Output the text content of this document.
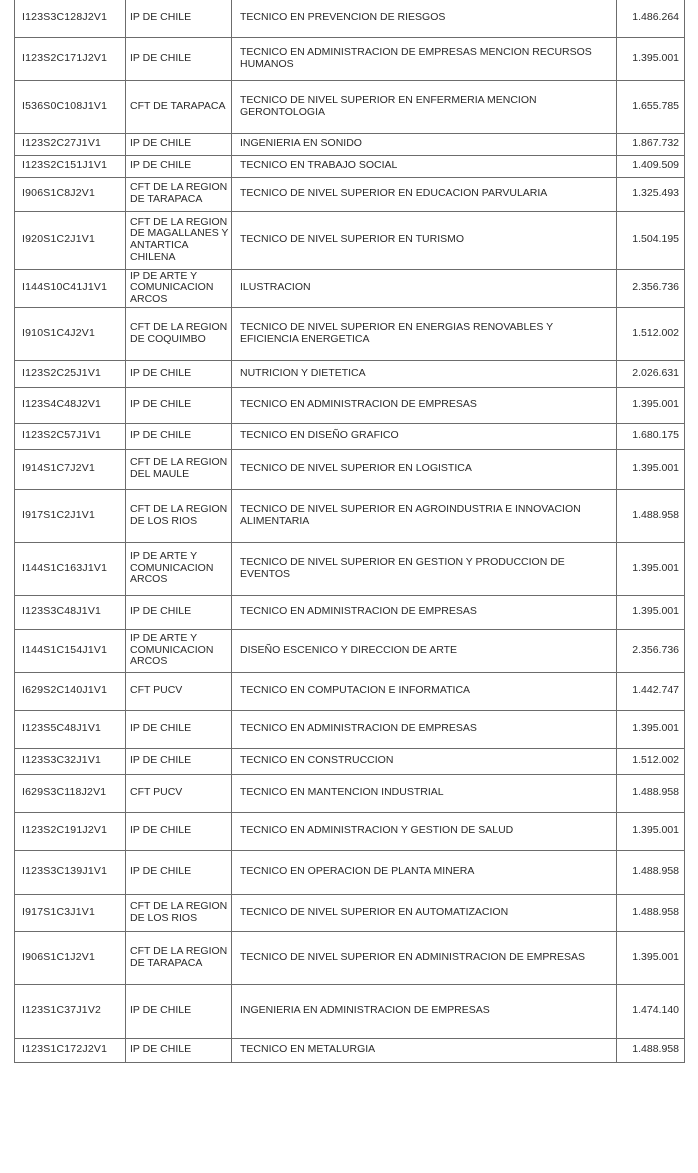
I123S3C128J2V1	IP DE CHILE	TECNICO EN PREVENCION DE RIESGOS	1.486.264
I123S2C171J2V1	IP DE CHILE	TECNICO EN ADMINISTRACION DE EMPRESAS MENCION RECURSOS HUMANOS	1.395.001
I536S0C108J1V1	CFT DE TARAPACA	TECNICO DE NIVEL SUPERIOR EN ENFERMERIA MENCION GERONTOLOGIA	1.655.785
I123S2C27J1V1	IP DE CHILE	INGENIERIA EN SONIDO	1.867.732
I123S2C151J1V1	IP DE CHILE	TECNICO EN TRABAJO SOCIAL	1.409.509
I906S1C8J2V1	CFT DE LA REGION DE TARAPACA	TECNICO DE NIVEL SUPERIOR EN EDUCACION PARVULARIA	1.325.493
I920S1C2J1V1	CFT DE LA REGION DE MAGALLANES Y ANTARTICA CHILENA	TECNICO DE NIVEL SUPERIOR EN TURISMO	1.504.195
I144S10C41J1V1	IP DE ARTE Y COMUNICACION ARCOS	ILUSTRACION	2.356.736
I910S1C4J2V1	CFT DE LA REGION DE COQUIMBO	TECNICO DE NIVEL SUPERIOR EN ENERGIAS RENOVABLES Y EFICIENCIA ENERGETICA	1.512.002
I123S2C25J1V1	IP DE CHILE	NUTRICION Y DIETETICA	2.026.631
I123S4C48J2V1	IP DE CHILE	TECNICO EN ADMINISTRACION DE EMPRESAS	1.395.001
I123S2C57J1V1	IP DE CHILE	TECNICO EN DISEÑO GRAFICO	1.680.175
I914S1C7J2V1	CFT DE LA REGION DEL MAULE	TECNICO DE NIVEL SUPERIOR EN LOGISTICA	1.395.001
I917S1C2J1V1	CFT DE LA REGION DE LOS RIOS	TECNICO DE NIVEL SUPERIOR EN AGROINDUSTRIA E INNOVACION ALIMENTARIA	1.488.958
I144S1C163J1V1	IP DE ARTE Y COMUNICACION ARCOS	TECNICO DE NIVEL SUPERIOR EN GESTION Y PRODUCCION DE EVENTOS	1.395.001
I123S3C48J1V1	IP DE CHILE	TECNICO EN ADMINISTRACION DE EMPRESAS	1.395.001
I144S1C154J1V1	IP DE ARTE Y COMUNICACION ARCOS	DISEÑO ESCENICO Y DIRECCION DE ARTE	2.356.736
I629S2C140J1V1	CFT PUCV	TECNICO EN COMPUTACION E INFORMATICA	1.442.747
I123S5C48J1V1	IP DE CHILE	TECNICO EN ADMINISTRACION DE EMPRESAS	1.395.001
I123S3C32J1V1	IP DE CHILE	TECNICO EN CONSTRUCCION	1.512.002
I629S3C118J2V1	CFT PUCV	TECNICO EN MANTENCION INDUSTRIAL	1.488.958
I123S2C191J2V1	IP DE CHILE	TECNICO EN ADMINISTRACION Y GESTION DE SALUD	1.395.001
I123S3C139J1V1	IP DE CHILE	TECNICO EN OPERACION DE PLANTA MINERA	1.488.958
I917S1C3J1V1	CFT DE LA REGION DE LOS RIOS	TECNICO DE NIVEL SUPERIOR EN AUTOMATIZACION	1.488.958
I906S1C1J2V1	CFT DE LA REGION DE TARAPACA	TECNICO DE NIVEL SUPERIOR EN ADMINISTRACION DE EMPRESAS	1.395.001
I123S1C37J1V2	IP DE CHILE	INGENIERIA EN ADMINISTRACION DE EMPRESAS	1.474.140
I123S1C172J2V1	IP DE CHILE	TECNICO EN METALURGIA	1.488.958
